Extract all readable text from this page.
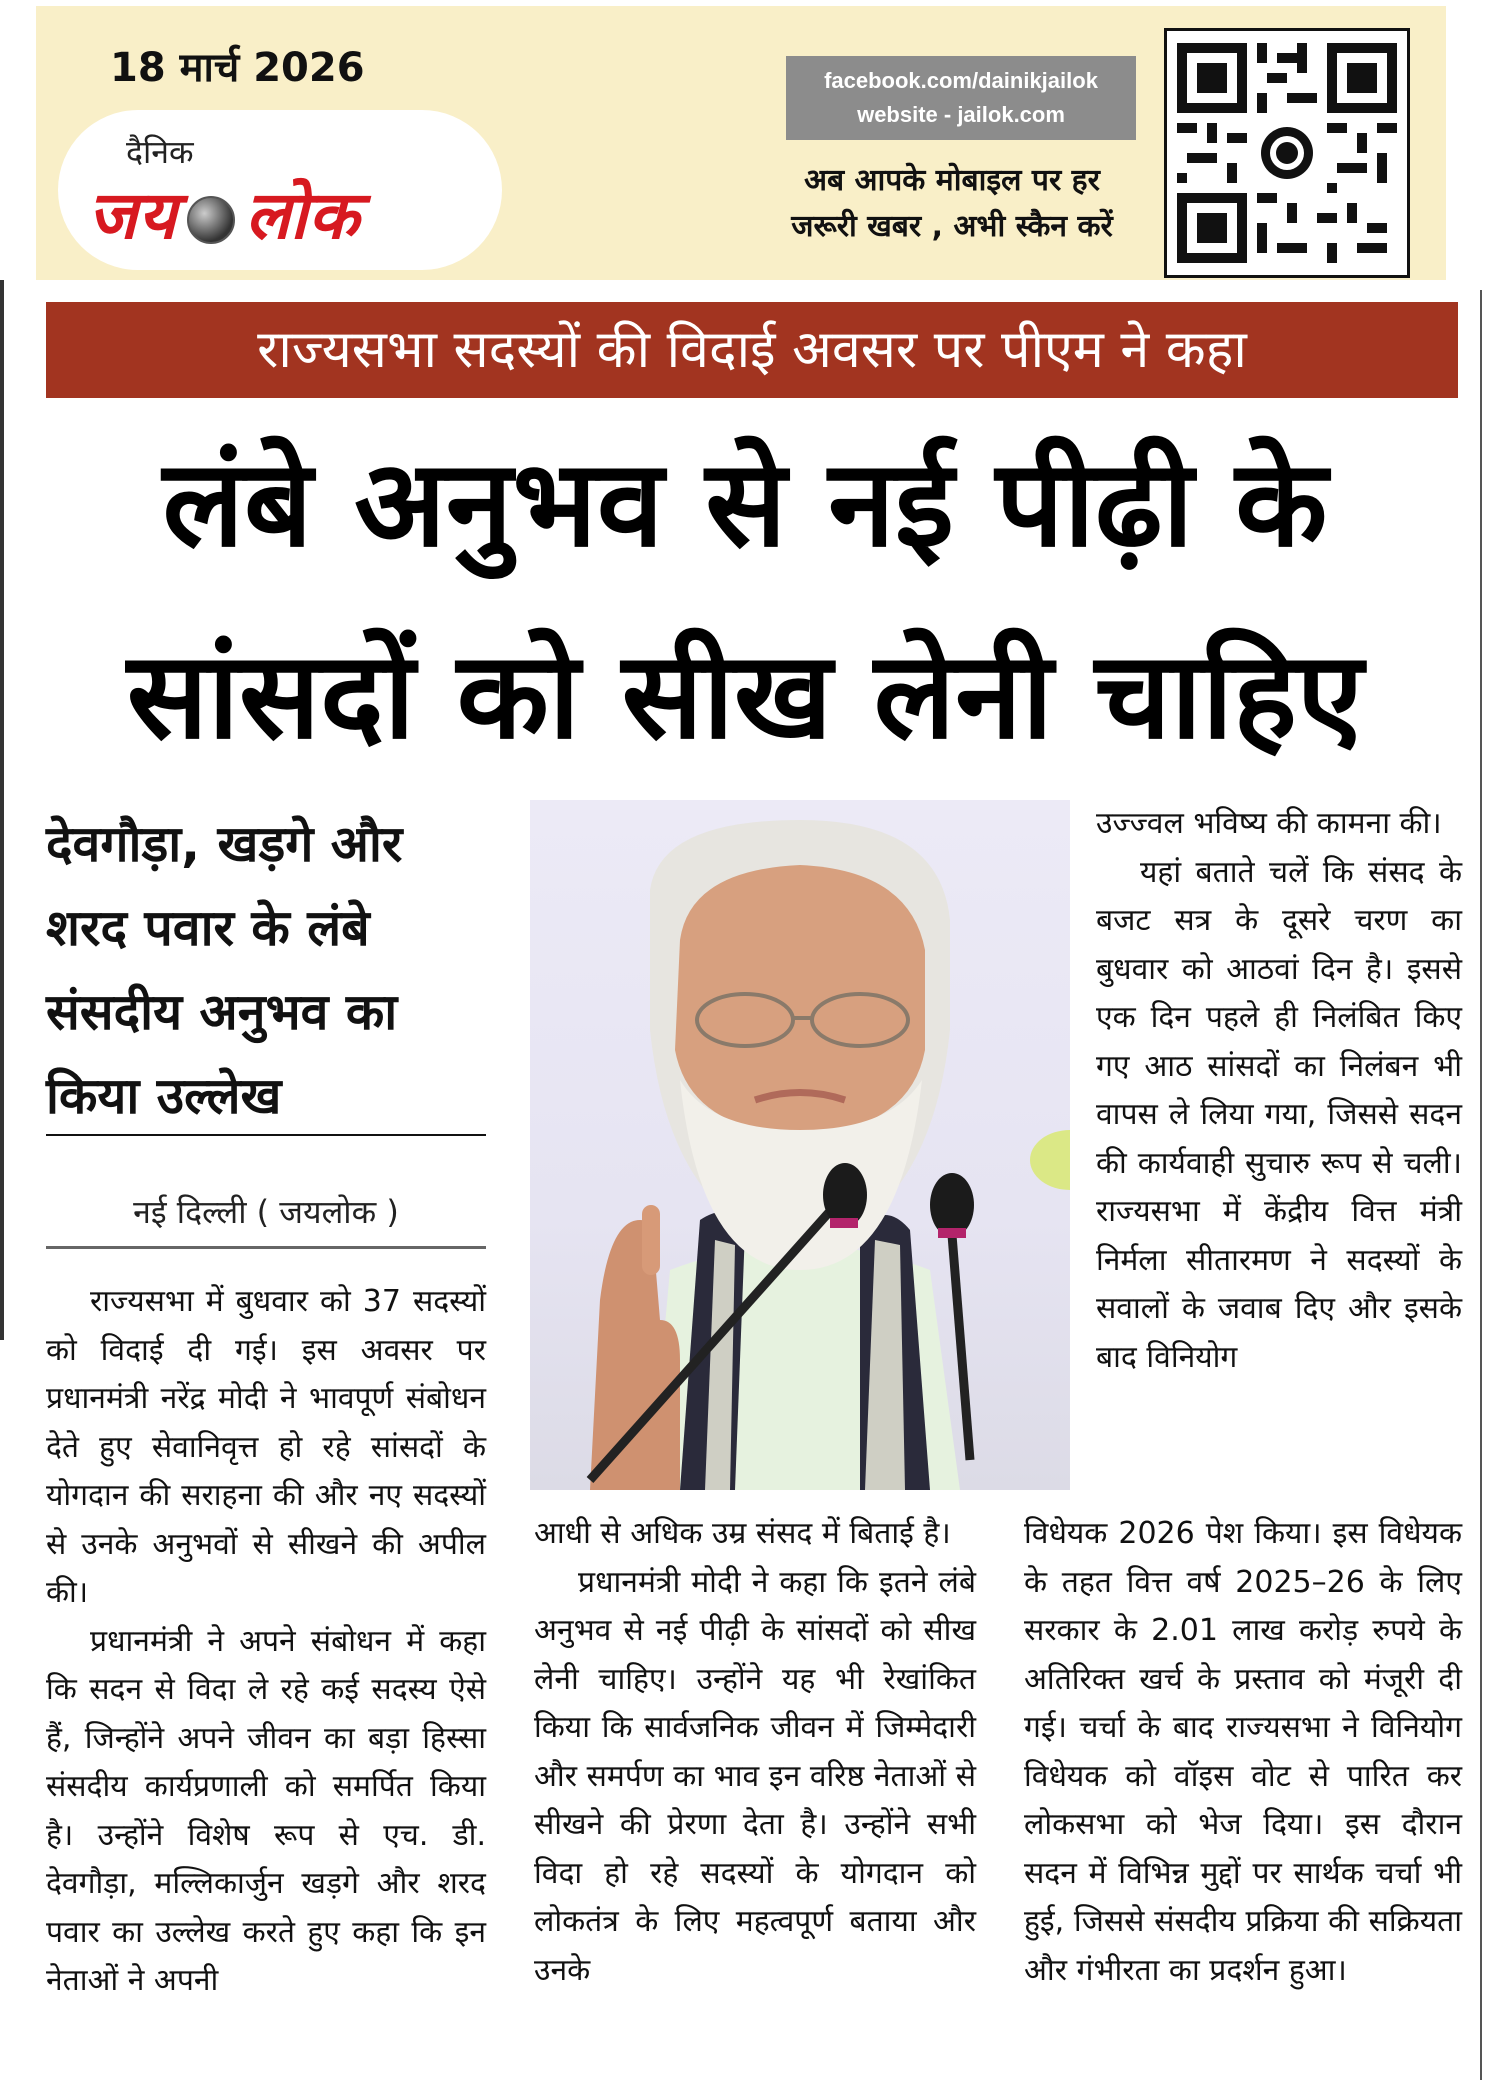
18 मार्च 2026
दैनिक
जय लोक
facebook.com/dainikjailok
website - jailok.com
अब आपके मोबाइल पर हर
जरूरी खबर , अभी स्कैन करें
राज्यसभा सदस्यों की विदाई अवसर पर पीएम ने कहा
लंबे अनुभव से नई पीढ़ी के
सांसदों को सीख लेनी चाहिए
देवगौड़ा, खड़गे और शरद पवार के लंबे संसदीय अनुभव का किया उल्लेख
नई दिल्ली ( जयलोक )

राज्यसभा में बुधवार को 37 सदस्यों को विदाई दी गई। इस अवसर पर प्रधानमंत्री नरेंद्र मोदी ने भावपूर्ण संबोधन देते हुए सेवानिवृत्त हो रहे सांसदों के योगदान की सराहना की और नए सदस्यों से उनके अनुभवों से सीखने की अपील की।

प्रधानमंत्री ने अपने संबोधन में कहा कि सदन से विदा ले रहे कई सदस्य ऐसे हैं, जिन्होंने अपने जीवन का बड़ा हिस्सा संसदीय कार्यप्रणाली को समर्पित किया है। उन्होंने विशेष रूप से एच. डी. देवगौड़ा, मल्लिकार्जुन खड़गे और शरद पवार का उल्लेख करते हुए कहा कि इन नेताओं ने अपनी

आधी से अधिक उम्र संसद में बिताई है।

प्रधानमंत्री मोदी ने कहा कि इतने लंबे अनुभव से नई पीढ़ी के सांसदों को सीख लेनी चाहिए। उन्होंने यह भी रेखांकित किया कि सार्वजनिक जीवन में जिम्मेदारी और समर्पण का भाव इन वरिष्ठ नेताओं से सीखने की प्रेरणा देता है। उन्होंने सभी विदा हो रहे सदस्यों के योगदान को लोकतंत्र के लिए महत्वपूर्ण बताया और उनके

उज्ज्वल भविष्य की कामना की।

यहां बताते चलें कि संसद के बजट सत्र के दूसरे चरण का बुधवार को आठवां दिन है। इससे एक दिन पहले ही निलंबित किए गए आठ सांसदों का निलंबन भी वापस ले लिया गया, जिससे सदन की कार्यवाही सुचारु रूप से चली। राज्यसभा में केंद्रीय वित्त मंत्री निर्मला सीतारमण ने सदस्यों के सवालों के जवाब दिए और इसके बाद विनियोग

विधेयक 2026 पेश किया। इस विधेयक के तहत वित्त वर्ष 2025–26 के लिए सरकार के 2.01 लाख करोड़ रुपये के अतिरिक्त खर्च के प्रस्ताव को मंजूरी दी गई। चर्चा के बाद राज्यसभा ने विनियोग विधेयक को वॉइस वोट से पारित कर लोकसभा को भेज दिया। इस दौरान सदन में विभिन्न मुद्दों पर सार्थक चर्चा भी हुई, जिससे संसदीय प्रक्रिया की सक्रियता और गंभीरता का प्रदर्शन हुआ।
